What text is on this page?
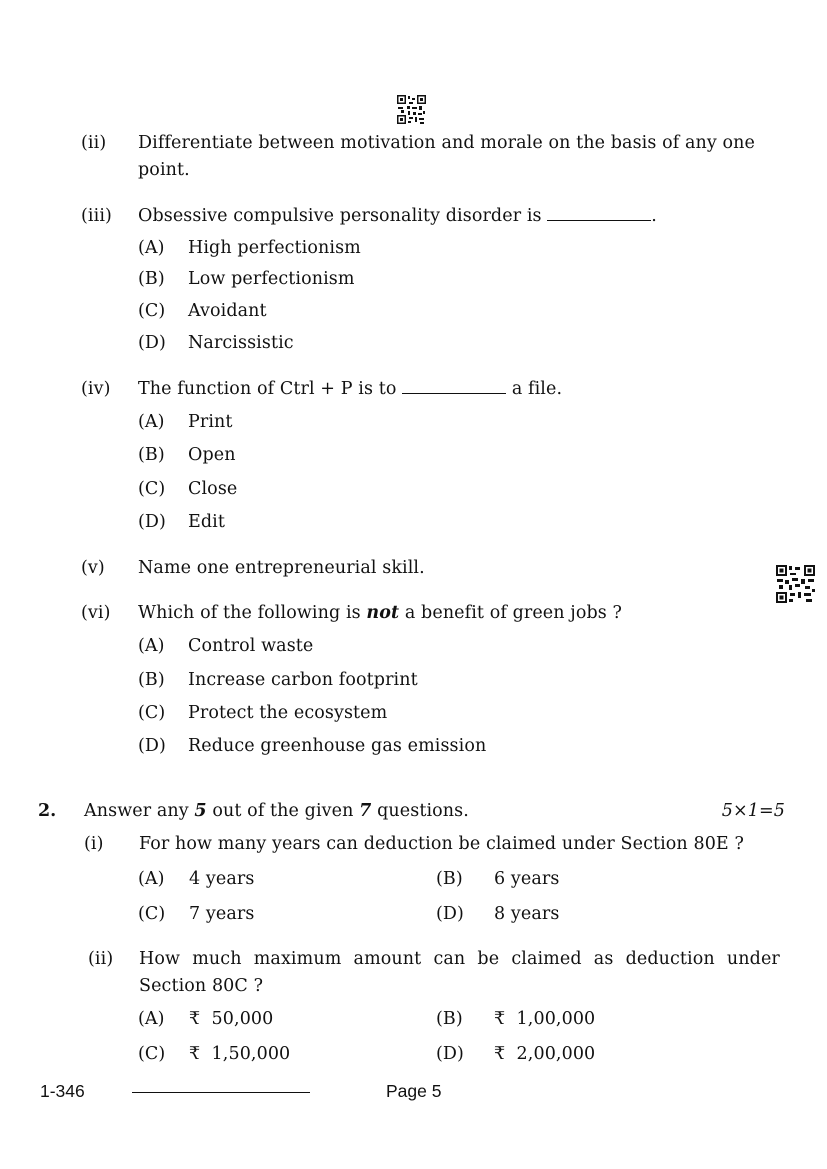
(ii) Differentiate between motivation and morale on the basis of any one
point.
(iii) Obsessive compulsive personality disorder is	.
(A) High perfectionism
(B) Low perfectionism
(C) Avoidant
(D) Narcissistic
(iv) The function of Ctrl + P is to	a file.
(A) Print
(B) Open
(C) Close
(D) Edit
(v) Name one entrepreneurial skill.
(vi) Which of the following is not a benefit of green jobs ?
(A) Control waste
(B) Increase carbon footprint
(C) Protect the ecosystem
(D) Reduce greenhouse gas emission
2. Answer any 5 out of the given 7 questions.	5×1=5
(i) For how many years can deduction be claimed under Section 80E ?
(A) 4 years	(B) 6 years
(C) 7 years	(D) 8 years
(ii) How much maximum amount can be claimed as deduction under
Section 80C ?
(A) ₹  50,000	(B) ₹  1,00,000
(C) ₹  1,50,000	(D) ₹  2,00,000
1-346	Page 5
